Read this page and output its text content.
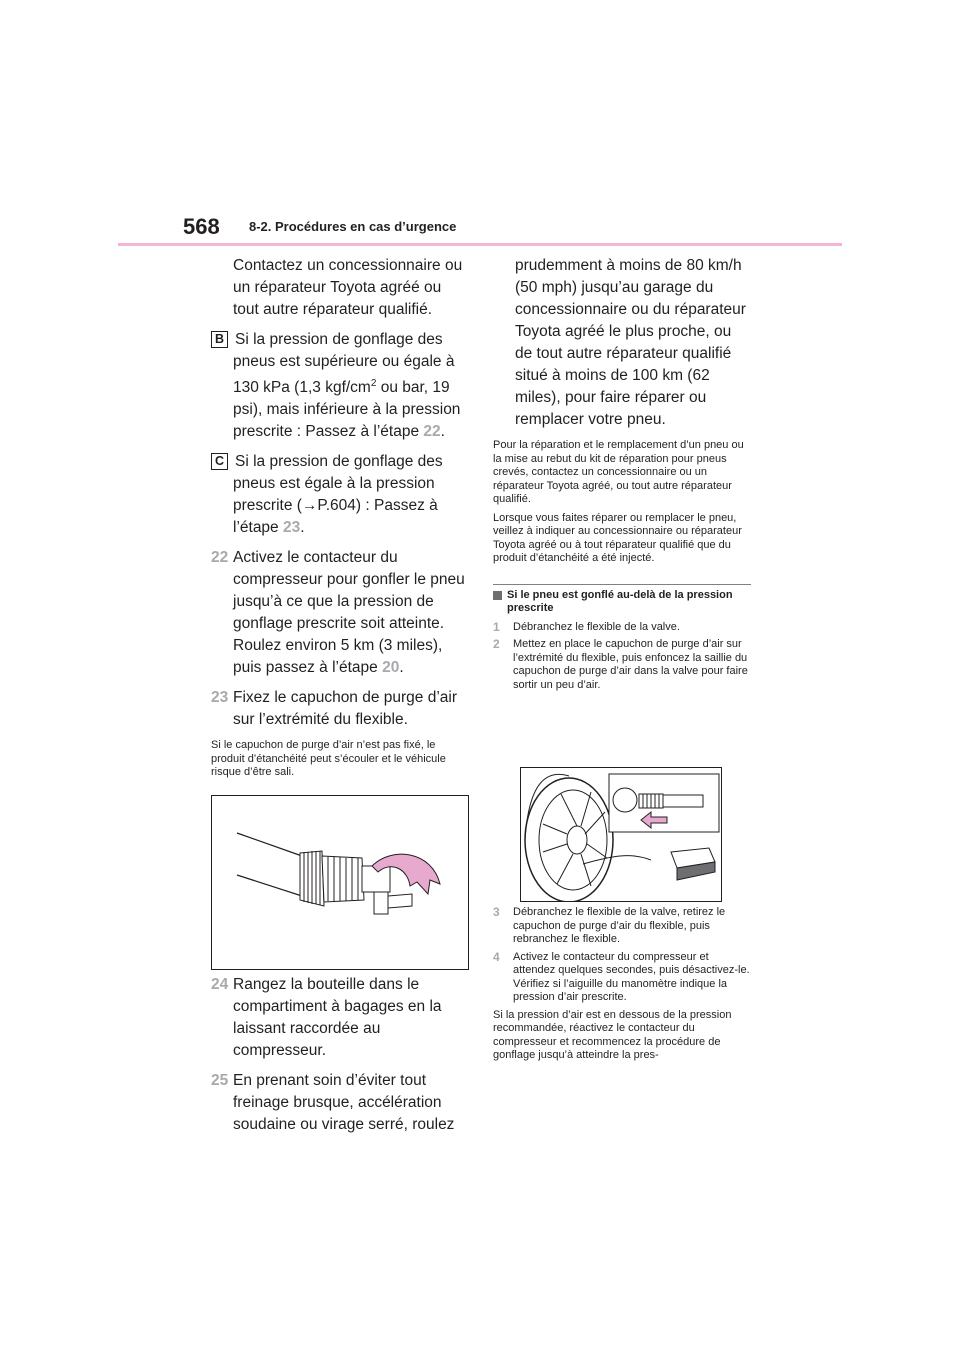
568 8-2. Procédures en cas d’urgence

Contactez un concessionnaire ou un réparateur Toyota agréé ou tout autre réparateur qualifié.

B Si la pression de gonflage des pneus est supérieure ou égale à 130 kPa (1,3 kgf/$cm^2$ ou bar, 19 psi), mais inférieure à la pression prescrite : Passez à l’étape 22.

C Si la pression de gonflage des pneus est égale à la pression prescrite (→P.604) : Passez à l’étape 23.

22 Activez le contacteur du compresseur pour gonfler le pneu jusqu’à ce que la pression de gonflage prescrite soit atteinte. Roulez environ 5 km (3 miles), puis passez à l’étape 20.

23 Fixez le capuchon de purge d’air sur l’extrémité du flexible.

Si le capuchon de purge d’air n’est pas fixé, le produit d’étanchéité peut s’écouler et le véhicule risque d’être sali.

24 Rangez la bouteille dans le compartiment à bagages en la laissant raccordée au compresseur.

25 En prenant soin d’éviter tout freinage brusque, accélération soudaine ou virage serré, roulez

prudemment à moins de 80 km/h (50 mph) jusqu’au garage du concessionnaire ou du réparateur Toyota agréé le plus proche, ou de tout autre réparateur qualifié situé à moins de 100 km (62 miles), pour faire réparer ou remplacer votre pneu.

Pour la réparation et le remplacement d’un pneu ou la mise au rebut du kit de réparation pour pneus crevés, contactez un concessionnaire ou un réparateur Toyota agréé, ou tout autre réparateur qualifié.

Lorsque vous faites réparer ou remplacer le pneu, veillez à indiquer au concessionnaire ou réparateur Toyota agréé ou à tout réparateur qualifié que du produit d’étanchéité a été injecté.

Si le pneu est gonflé au-delà de la pression prescrite
1	Débranchez le flexible de la valve.
2	Mettez en place le capuchon de purge d’air sur l’extrémité du flexible, puis enfoncez la saillie du capuchon de purge d’air dans la valve pour faire sortir un peu d’air.
3	Débranchez le flexible de la valve, retirez le capuchon de purge d’air du flexible, puis rebranchez le flexible.
4	Activez le contacteur du compresseur et attendez quelques secondes, puis désactivez-le. Vérifiez si l’aiguille du manomètre indique la pression d’air prescrite.

Si la pression d’air est en dessous de la pression recommandée, réactivez le contacteur du compresseur et recommencez la procédure de gonflage jusqu’à atteindre la pres-
